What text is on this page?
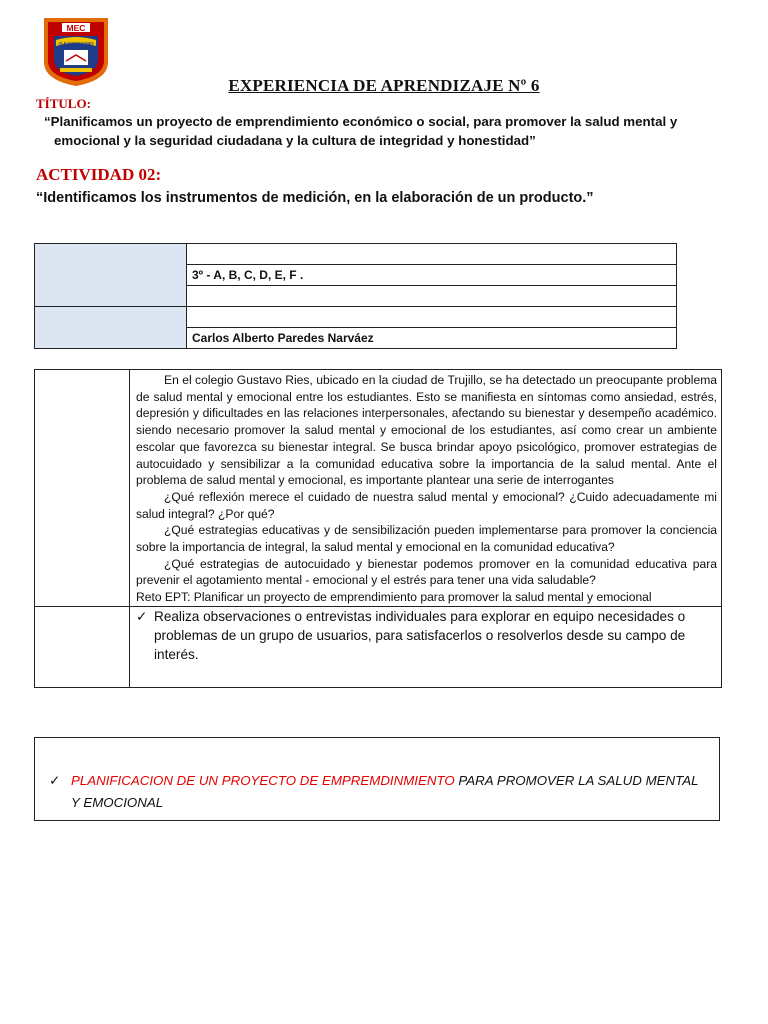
MEC
I.E.P GUSTAVO RIES
EXPERIENCIA DE APRENDIZAJE Nº 6
TÍTULO:
“Planificamos un proyecto de emprendimiento económico o social, para promover la salud mental y
emocional y la seguridad ciudadana y la cultura de integridad y honestidad”
ACTIVIDAD 02:
“Identificamos los instrumentos de medición, en la elaboración de un producto.”

	3º - A, B, C, D, E, F .

	Carlos Alberto Paredes Narváez

	En el colegio Gustavo Ries, ubicado en la ciudad de Trujillo, se ha detectado un preocupante problema de salud mental y emocional entre los estudiantes. Esto se manifiesta en síntomas como ansiedad, estrés, depresión y dificultades en las relaciones interpersonales, afectando su bienestar y desempeño académico. siendo necesario promover la salud mental y emocional de los estudiantes, así como crear un ambiente escolar que favorezca su bienestar integral. Se busca brindar apoyo psicológico, promover estrategias de autocuidado y sensibilizar a la comunidad educativa sobre la importancia de la salud mental. Ante el problema de salud mental y emocional, es importante plantear una serie de interrogantes

¿Qué reflexión merece el cuidado de nuestra salud mental y emocional? ¿Cuido adecuadamente mi salud integral? ¿Por qué?

¿Qué estrategias educativas y de sensibilización pueden implementarse para promover la conciencia sobre la importancia de integral, la salud mental y emocional en la comunidad educativa?

¿Qué estrategias de autocuidado y bienestar podemos promover en la comunidad educativa para prevenir el agotamiento mental - emocional y el estrés para tener una vida saludable?

Reto EPT: Planificar un proyecto de emprendimiento para promover la salud mental y emocional

	✓ Realiza observaciones o entrevistas individuales para explorar en equipo necesidades o problemas de un grupo de usuarios, para satisfacerlos o resolverlos desde su campo de interés.
✓ PLANIFICACION DE UN PROYECTO DE EMPREMDINMIENTO PARA PROMOVER LA SALUD MENTAL Y EMOCIONAL
